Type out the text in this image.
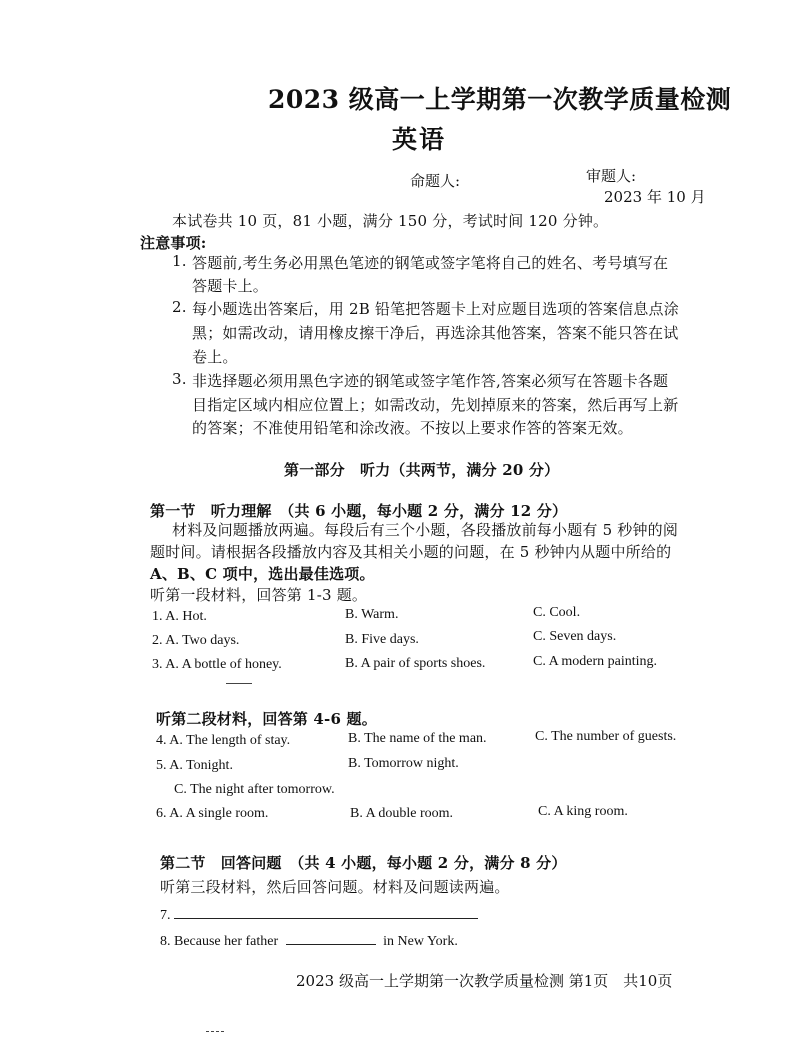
2023 级高一上学期第一次教学质量检测
英语
命题人:	审题人:
2023 年 10 月
本试卷共 10 页，81 小题，满分 150 分，考试时间 120 分钟。
注意事项:
1. 答题前,考生务必用黑色笔迹的钢笔或签字笔将自己的姓名、考号填写在
答题卡上。
2. 每小题选出答案后，用 2B 铅笔把答题卡上对应题目选项的答案信息点涂
黑；如需改动，请用橡皮擦干净后，再选涂其他答案，答案不能只答在试
卷上。
3. 非选择题必须用黑色字迹的钢笔或签字笔作答,答案必须写在答题卡各题
目指定区域内相应位置上；如需改动，先划掉原来的答案，然后再写上新
的答案；不准使用铅笔和涂改液。不按以上要求作答的答案无效。
第一部分　听力（共两节，满分 20 分）
第一节　听力理解　（共 6 小题，每小题 2 分，满分 12 分）
材料及问题播放两遍。每段后有三个小题，各段播放前每小题有 5 秒钟的阅
题时间。请根据各段播放内容及其相关小题的问题，在 5 秒钟内从题中所给的
A、B、C 项中，选出最佳选项。
听第一段材料，回答第 1-3 题。
1. A. Hot.	B. Warm.	C. Cool.
2. A. Two days.	B. Five days.	C. Seven days.
3. A. A bottle of honey.	B. A pair of sports shoes.	C. A modern painting.
听第二段材料，回答第 4-6 题。
4. A. The length of stay.	B. The name of the man.	C. The number of guests.
5. A. Tonight.	B. Tomorrow night.
C. The night after tomorrow.
6. A. A single room.	B. A double room.	C. A king room.
第二节　回答问题　（共 4 小题，每小题 2 分，满分 8 分）
听第三段材料，然后回答问题。材料及问题读两遍。
7.
8. Because her father	in New York.
2023 级高一上学期第一次教学质量检测 第1页　共10页
